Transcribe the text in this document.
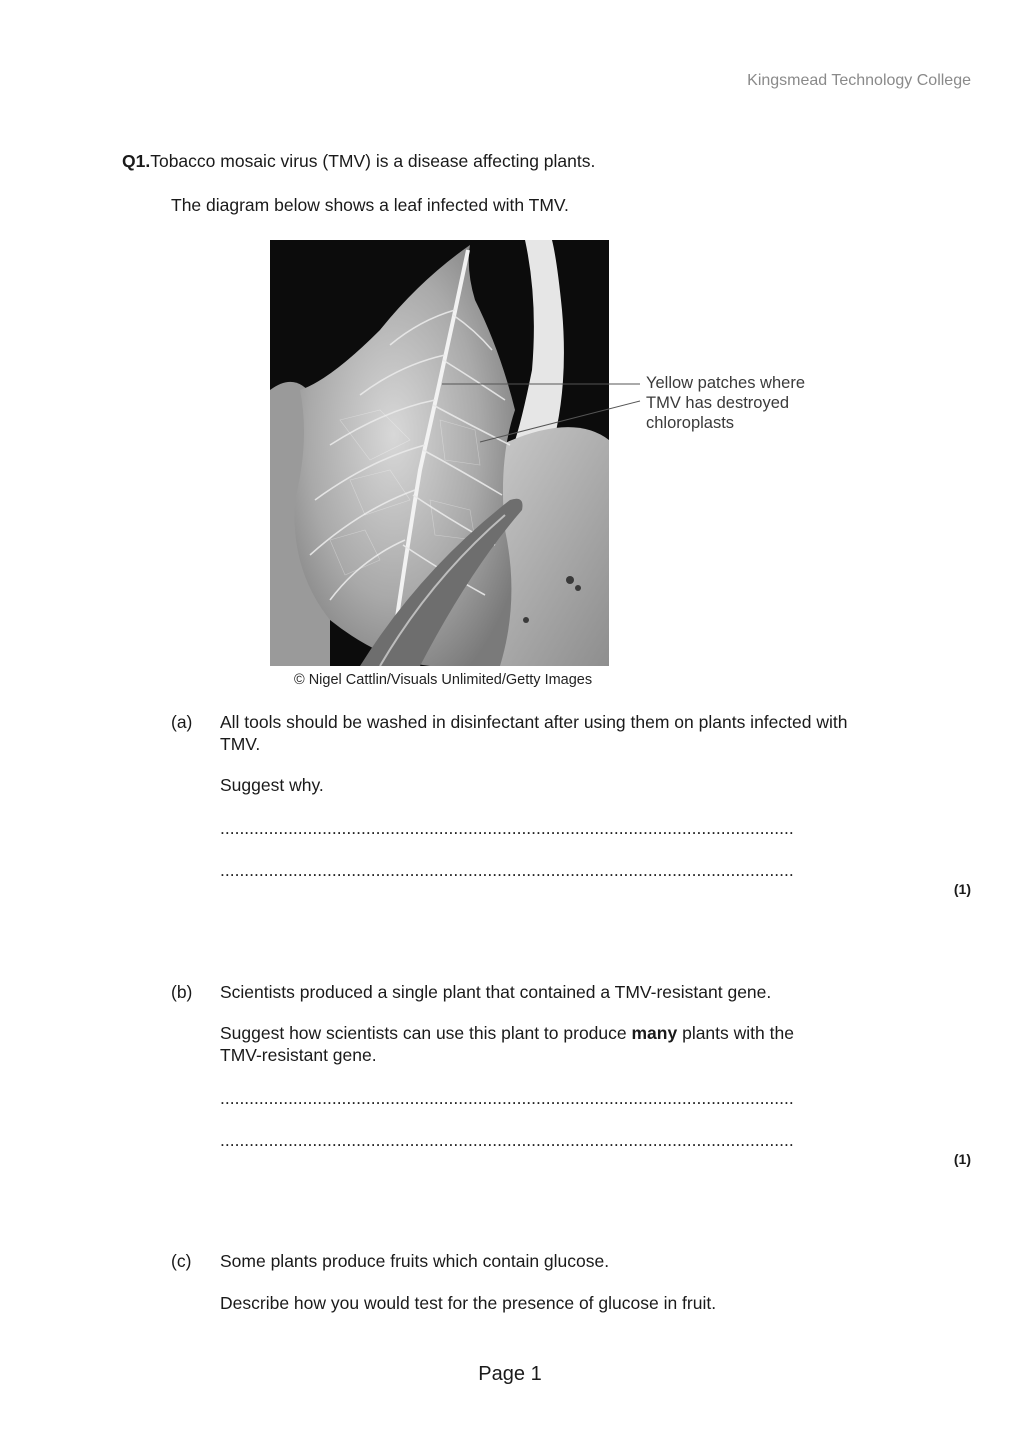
Kingsmead Technology College
Q1.Tobacco mosaic virus (TMV) is a disease affecting plants.
The diagram below shows a leaf infected with TMV.
Yellow patches where
TMV has destroyed
chloroplasts
© Nigel Cattlin/Visuals Unlimited/Getty Images
(a) All tools should be washed in disinfectant after using them on plants infected with
TMV.
Suggest why.
......................................................................................................................
......................................................................................................................
(1)
(b) Scientists produced a single plant that contained a TMV-resistant gene.
Suggest how scientists can use this plant to produce many plants with the
TMV-resistant gene.
......................................................................................................................
......................................................................................................................
(1)
(c) Some plants produce fruits which contain glucose.
Describe how you would test for the presence of glucose in fruit.
Page 1
